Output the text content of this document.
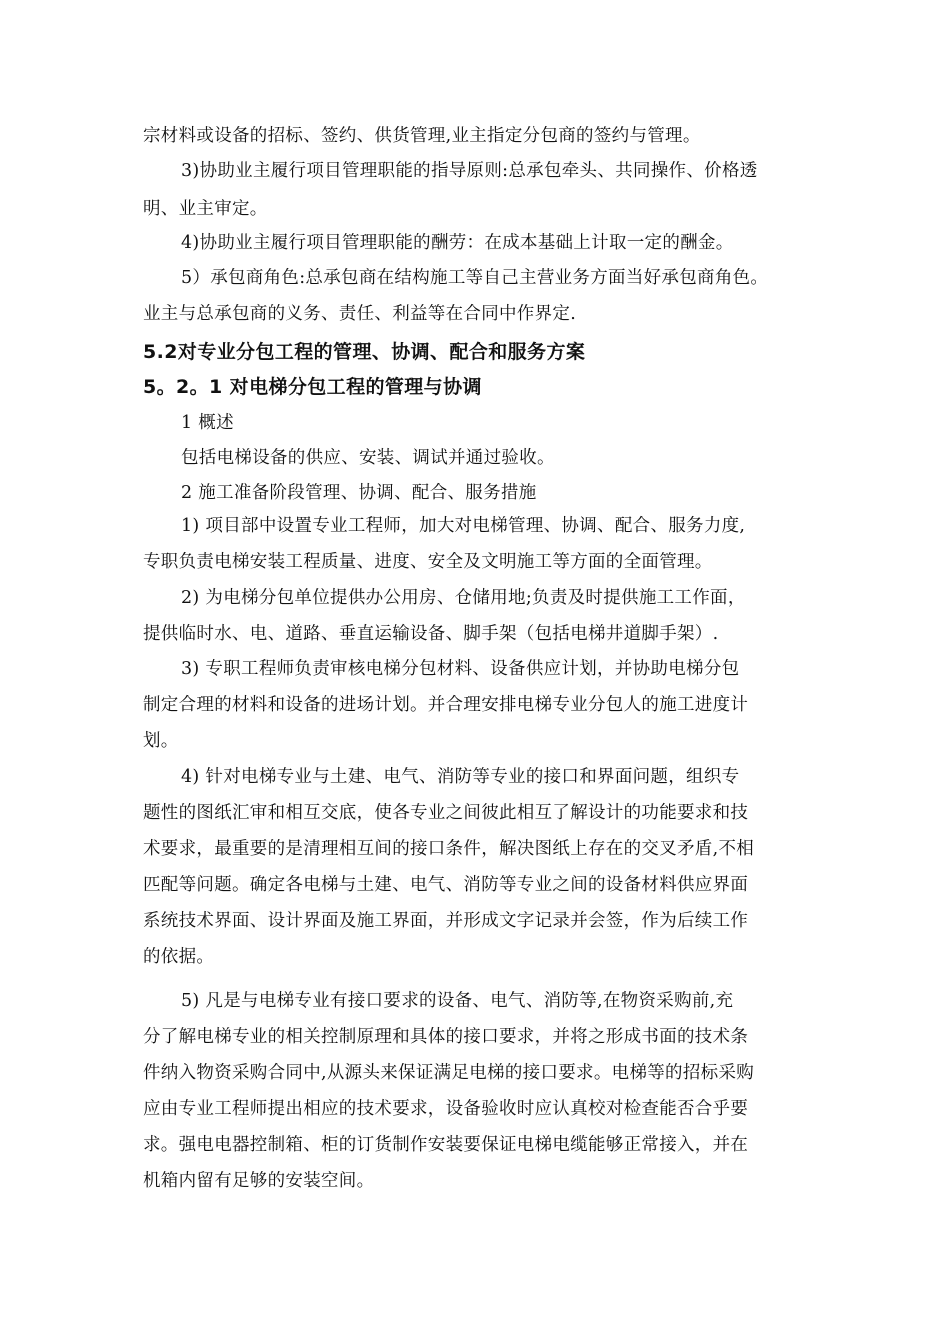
宗材料或设备的招标、签约、供货管理,业主指定分包商的签约与管理。
3)协助业主履行项目管理职能的指导原则:总承包牵头、共同操作、价格透
明、业主审定。
4)协助业主履行项目管理职能的酬劳：在成本基础上计取一定的酬金。
5）承包商角色:总承包商在结构施工等自己主营业务方面当好承包商角色。
业主与总承包商的义务、责任、利益等在合同中作界定.
5.2对专业分包工程的管理、协调、配合和服务方案
5。2。1 对电梯分包工程的管理与协调
1 概述
包括电梯设备的供应、安装、调试并通过验收。
2 施工准备阶段管理、协调、配合、服务措施
1) 项目部中设置专业工程师，加大对电梯管理、协调、配合、服务力度,
专职负责电梯安装工程质量、进度、安全及文明施工等方面的全面管理。
2) 为电梯分包单位提供办公用房、仓储用地;负责及时提供施工工作面，
提供临时水、电、道路、垂直运输设备、脚手架（包括电梯井道脚手架）.
3) 专职工程师负责审核电梯分包材料、设备供应计划，并协助电梯分包
制定合理的材料和设备的进场计划。并合理安排电梯专业分包人的施工进度计
划。
4) 针对电梯专业与土建、电气、消防等专业的接口和界面问题，组织专
题性的图纸汇审和相互交底，使各专业之间彼此相互了解设计的功能要求和技
术要求，最重要的是清理相互间的接口条件，解决图纸上存在的交叉矛盾,不相
匹配等问题。确定各电梯与土建、电气、消防等专业之间的设备材料供应界面
系统技术界面、设计界面及施工界面，并形成文字记录并会签，作为后续工作
的依据。
5) 凡是与电梯专业有接口要求的设备、电气、消防等,在物资采购前,充
分了解电梯专业的相关控制原理和具体的接口要求，并将之形成书面的技术条
件纳入物资采购合同中,从源头来保证满足电梯的接口要求。电梯等的招标采购
应由专业工程师提出相应的技术要求，设备验收时应认真校对检查能否合乎要
求。强电电器控制箱、柜的订货制作安装要保证电梯电缆能够正常接入，并在
机箱内留有足够的安装空间。
